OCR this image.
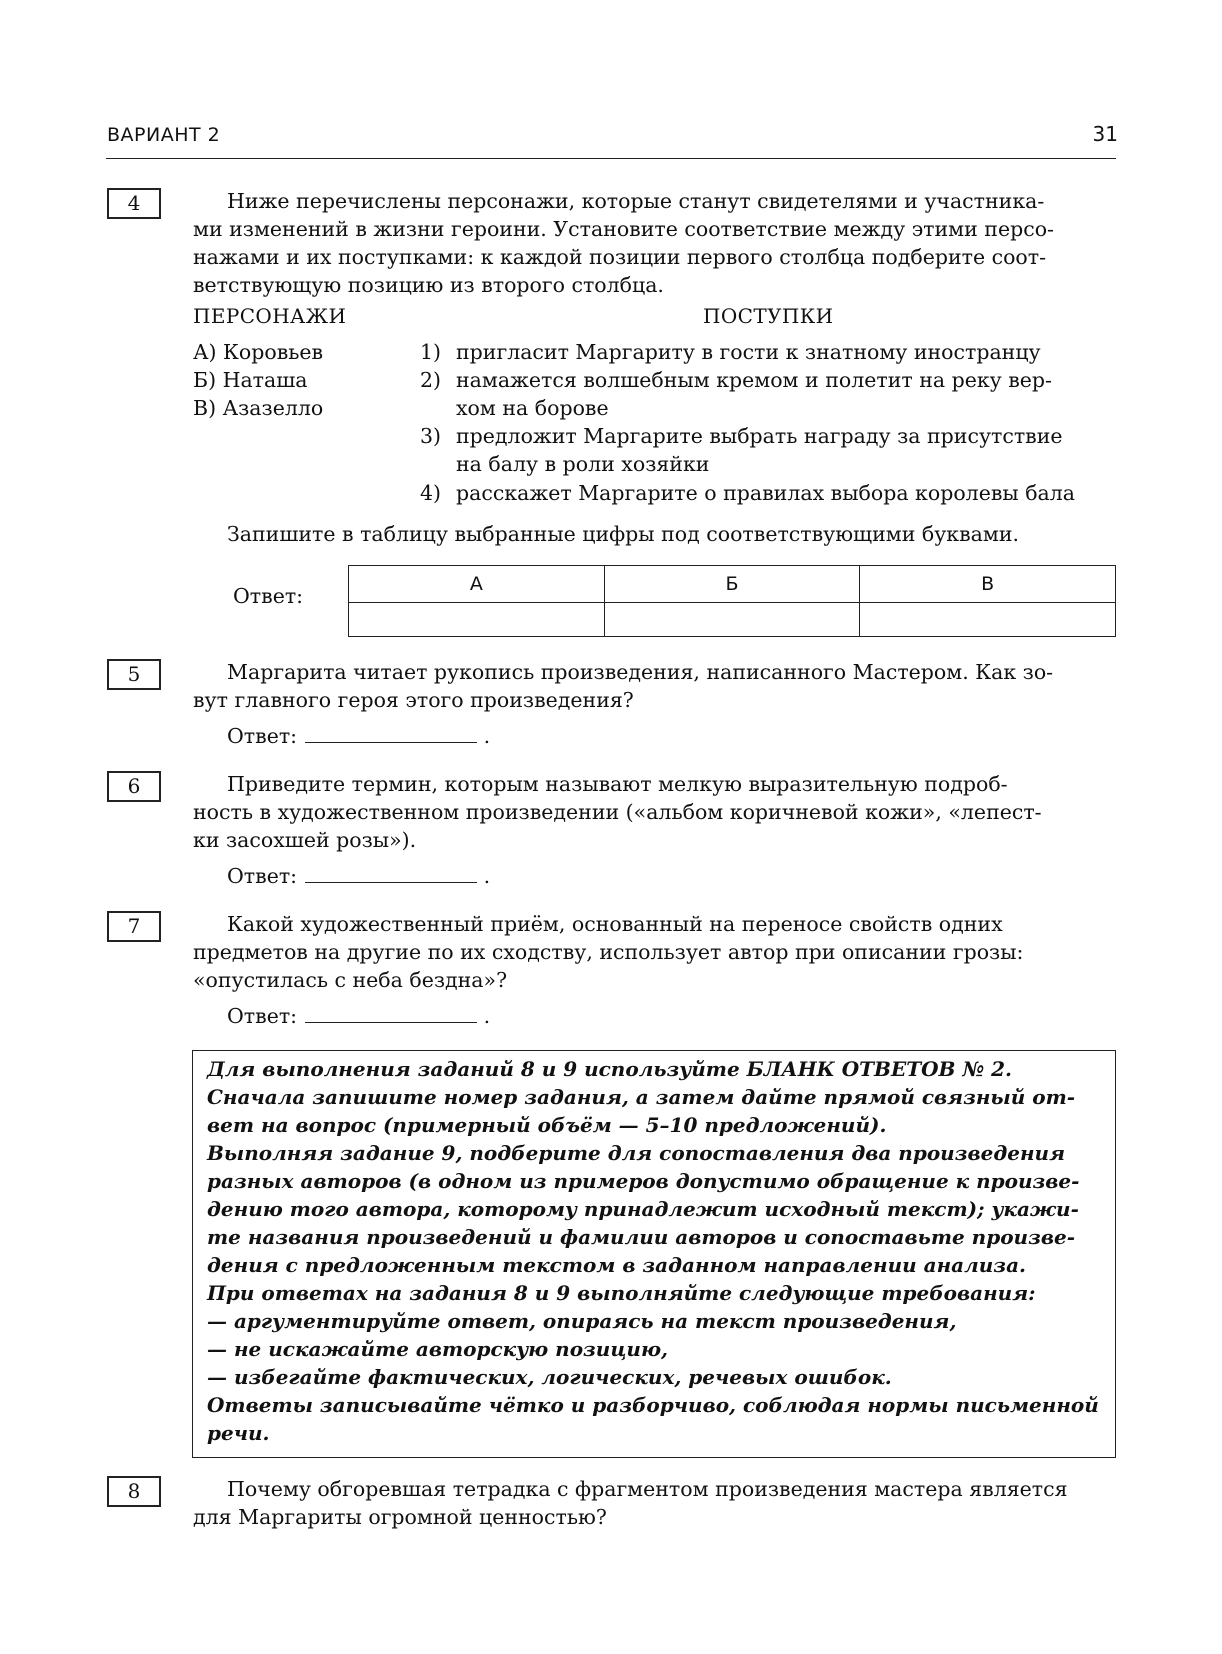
ВАРИАНТ 2	31
4	Ниже перечислены персонажи, которые станут свидетелями и участника-
ми изменений в жизни героини. Установите соответствие между этими персо-
нажами и их поступками: к каждой позиции первого столбца подберите соот-
ветствующую позицию из второго столбца.
ПЕРСОНАЖИ	ПОСТУПКИ
А) Коровьев
Б) Наташа
В) Азазелло
1) пригласит Маргариту в гости к знатному иностранцу
2) намажется волшебным кремом и полетит на реку вер-
хом на борове
3) предложит Маргарите выбрать награду за присутствие
на балу в роли хозяйки
4) расскажет Маргарите о правилах выбора королевы бала
Запишите в таблицу выбранные цифры под соответствующими буквами.
Ответ:	А	Б	В

5	Маргарита читает рукопись произведения, написанного Мастером. Как зо-
вут главного героя этого произведения?
Ответ:	.
6	Приведите термин, которым называют мелкую выразительную подроб-
ность в художественном произведении («альбом коричневой кожи», «лепест-
ки засохшей розы»).
Ответ:	.
7	Какой художественный приём, основанный на переносе свойств одних
предметов на другие по их сходству, использует автор при описании грозы:
«опустилась с неба бездна»?
Ответ:	.
Для выполнения заданий 8 и 9 используйте БЛАНК ОТВЕТОВ № 2.
Сначала запишите номер задания, а затем дайте прямой связный от-
вет на вопрос (примерный объём — 5–10 предложений).
Выполняя задание 9, подберите для сопоставления два произведения
разных авторов (в одном из примеров допустимо обращение к произве-
дению того автора, которому принадлежит исходный текст); укажи-
те названия произведений и фамилии авторов и сопоставьте произве-
дения с предложенным текстом в заданном направлении анализа.
При ответах на задания 8 и 9 выполняйте следующие требования:
— аргументируйте ответ, опираясь на текст произведения,
— не искажайте авторскую позицию,
— избегайте фактических, логических, речевых ошибок.
Ответы записывайте чётко и разборчиво, соблюдая нормы письменной
речи.
8	Почему обгоревшая тетрадка с фрагментом произведения мастера является
для Маргариты огромной ценностью?
